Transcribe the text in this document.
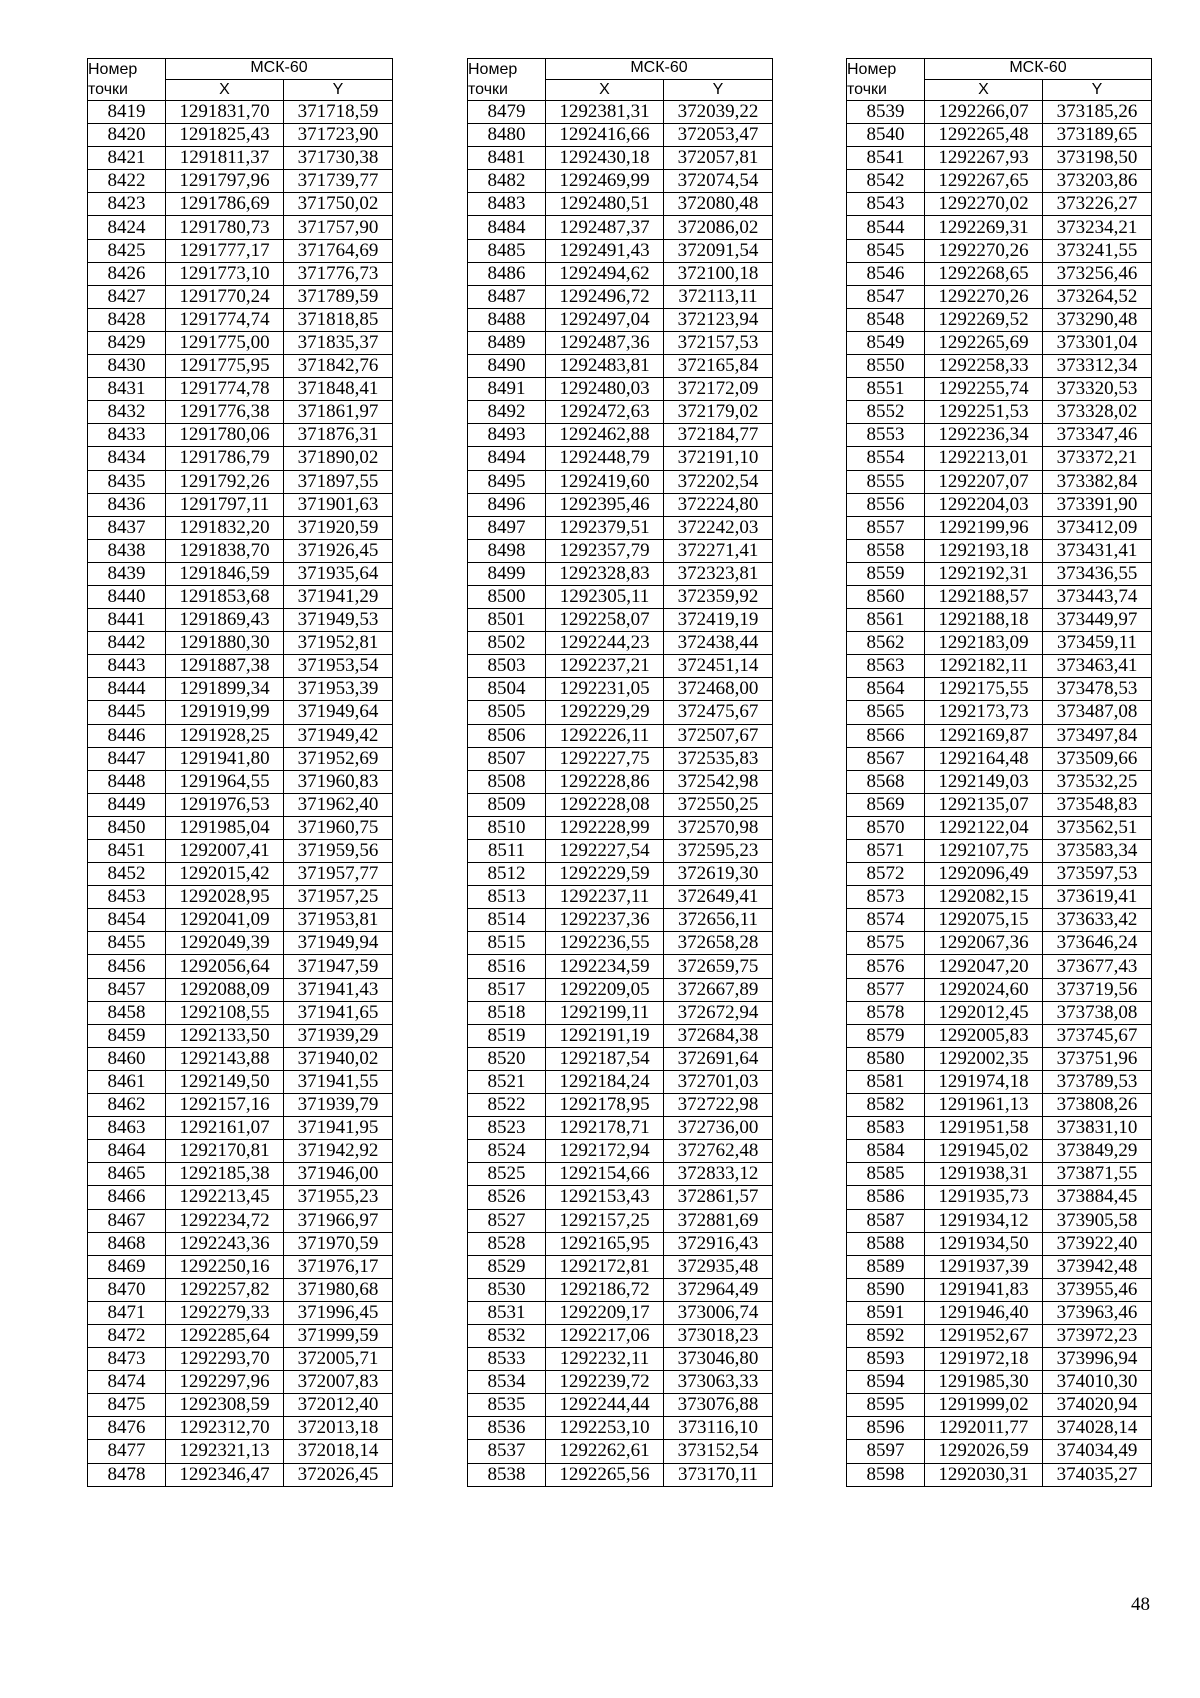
Номер
точки	МСК-60	
	X	Y
8419	1291831,70	371718,59
8420	1291825,43	371723,90
8421	1291811,37	371730,38
8422	1291797,96	371739,77
8423	1291786,69	371750,02
8424	1291780,73	371757,90
8425	1291777,17	371764,69
8426	1291773,10	371776,73
8427	1291770,24	371789,59
8428	1291774,74	371818,85
8429	1291775,00	371835,37
8430	1291775,95	371842,76
8431	1291774,78	371848,41
8432	1291776,38	371861,97
8433	1291780,06	371876,31
8434	1291786,79	371890,02
8435	1291792,26	371897,55
8436	1291797,11	371901,63
8437	1291832,20	371920,59
8438	1291838,70	371926,45
8439	1291846,59	371935,64
8440	1291853,68	371941,29
8441	1291869,43	371949,53
8442	1291880,30	371952,81
8443	1291887,38	371953,54
8444	1291899,34	371953,39
8445	1291919,99	371949,64
8446	1291928,25	371949,42
8447	1291941,80	371952,69
8448	1291964,55	371960,83
8449	1291976,53	371962,40
8450	1291985,04	371960,75
8451	1292007,41	371959,56
8452	1292015,42	371957,77
8453	1292028,95	371957,25
8454	1292041,09	371953,81
8455	1292049,39	371949,94
8456	1292056,64	371947,59
8457	1292088,09	371941,43
8458	1292108,55	371941,65
8459	1292133,50	371939,29
8460	1292143,88	371940,02
8461	1292149,50	371941,55
8462	1292157,16	371939,79
8463	1292161,07	371941,95
8464	1292170,81	371942,92
8465	1292185,38	371946,00
8466	1292213,45	371955,23
8467	1292234,72	371966,97
8468	1292243,36	371970,59
8469	1292250,16	371976,17
8470	1292257,82	371980,68
8471	1292279,33	371996,45
8472	1292285,64	371999,59
8473	1292293,70	372005,71
8474	1292297,96	372007,83
8475	1292308,59	372012,40
8476	1292312,70	372013,18
8477	1292321,13	372018,14
8478	1292346,47	372026,45
Номер
точки	МСК-60	
	X	Y
8479	1292381,31	372039,22
8480	1292416,66	372053,47
8481	1292430,18	372057,81
8482	1292469,99	372074,54
8483	1292480,51	372080,48
8484	1292487,37	372086,02
8485	1292491,43	372091,54
8486	1292494,62	372100,18
8487	1292496,72	372113,11
8488	1292497,04	372123,94
8489	1292487,36	372157,53
8490	1292483,81	372165,84
8491	1292480,03	372172,09
8492	1292472,63	372179,02
8493	1292462,88	372184,77
8494	1292448,79	372191,10
8495	1292419,60	372202,54
8496	1292395,46	372224,80
8497	1292379,51	372242,03
8498	1292357,79	372271,41
8499	1292328,83	372323,81
8500	1292305,11	372359,92
8501	1292258,07	372419,19
8502	1292244,23	372438,44
8503	1292237,21	372451,14
8504	1292231,05	372468,00
8505	1292229,29	372475,67
8506	1292226,11	372507,67
8507	1292227,75	372535,83
8508	1292228,86	372542,98
8509	1292228,08	372550,25
8510	1292228,99	372570,98
8511	1292227,54	372595,23
8512	1292229,59	372619,30
8513	1292237,11	372649,41
8514	1292237,36	372656,11
8515	1292236,55	372658,28
8516	1292234,59	372659,75
8517	1292209,05	372667,89
8518	1292199,11	372672,94
8519	1292191,19	372684,38
8520	1292187,54	372691,64
8521	1292184,24	372701,03
8522	1292178,95	372722,98
8523	1292178,71	372736,00
8524	1292172,94	372762,48
8525	1292154,66	372833,12
8526	1292153,43	372861,57
8527	1292157,25	372881,69
8528	1292165,95	372916,43
8529	1292172,81	372935,48
8530	1292186,72	372964,49
8531	1292209,17	373006,74
8532	1292217,06	373018,23
8533	1292232,11	373046,80
8534	1292239,72	373063,33
8535	1292244,44	373076,88
8536	1292253,10	373116,10
8537	1292262,61	373152,54
8538	1292265,56	373170,11
Номер
точки	МСК-60	
	X	Y
8539	1292266,07	373185,26
8540	1292265,48	373189,65
8541	1292267,93	373198,50
8542	1292267,65	373203,86
8543	1292270,02	373226,27
8544	1292269,31	373234,21
8545	1292270,26	373241,55
8546	1292268,65	373256,46
8547	1292270,26	373264,52
8548	1292269,52	373290,48
8549	1292265,69	373301,04
8550	1292258,33	373312,34
8551	1292255,74	373320,53
8552	1292251,53	373328,02
8553	1292236,34	373347,46
8554	1292213,01	373372,21
8555	1292207,07	373382,84
8556	1292204,03	373391,90
8557	1292199,96	373412,09
8558	1292193,18	373431,41
8559	1292192,31	373436,55
8560	1292188,57	373443,74
8561	1292188,18	373449,97
8562	1292183,09	373459,11
8563	1292182,11	373463,41
8564	1292175,55	373478,53
8565	1292173,73	373487,08
8566	1292169,87	373497,84
8567	1292164,48	373509,66
8568	1292149,03	373532,25
8569	1292135,07	373548,83
8570	1292122,04	373562,51
8571	1292107,75	373583,34
8572	1292096,49	373597,53
8573	1292082,15	373619,41
8574	1292075,15	373633,42
8575	1292067,36	373646,24
8576	1292047,20	373677,43
8577	1292024,60	373719,56
8578	1292012,45	373738,08
8579	1292005,83	373745,67
8580	1292002,35	373751,96
8581	1291974,18	373789,53
8582	1291961,13	373808,26
8583	1291951,58	373831,10
8584	1291945,02	373849,29
8585	1291938,31	373871,55
8586	1291935,73	373884,45
8587	1291934,12	373905,58
8588	1291934,50	373922,40
8589	1291937,39	373942,48
8590	1291941,83	373955,46
8591	1291946,40	373963,46
8592	1291952,67	373972,23
8593	1291972,18	373996,94
8594	1291985,30	374010,30
8595	1291999,02	374020,94
8596	1292011,77	374028,14
8597	1292026,59	374034,49
8598	1292030,31	374035,27
48
